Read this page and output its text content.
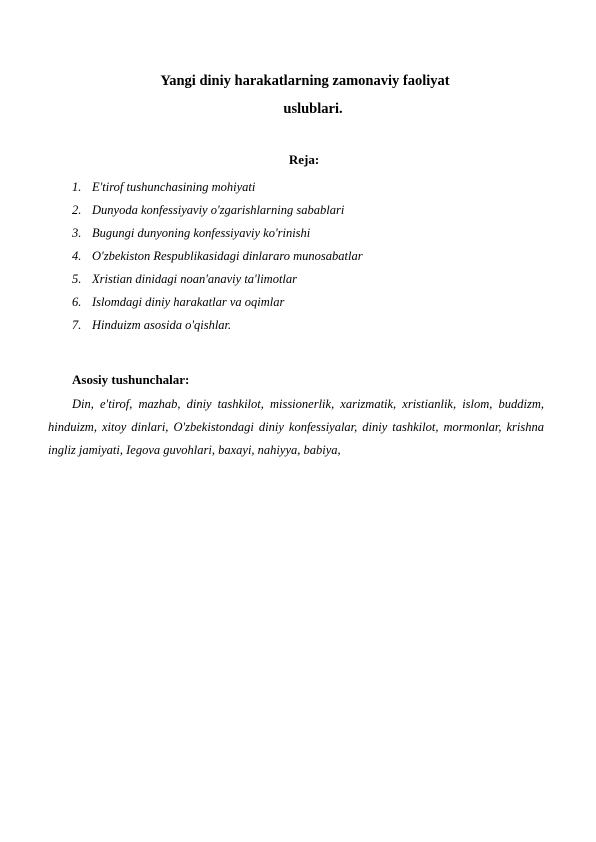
Yangi diniy harakatlarning zamonaviy faoliyat
uslublari.
Reja:
1. E'tirof tushunchasining mohiyati
2. Dunyoda konfessiyaviy o'zgarishlarning sabablari
3. Bugungi dunyoning konfessiyaviy ko'rinishi
4. O'zbekiston Respublikasidagi dinlararo munosabatlar
5. Xristian dinidagi noan'anaviy ta'limotlar
6. Islomdagi diniy harakatlar va oqimlar
7. Hinduizm asosida o'qishlar.
Asosiy tushunchalar:

Din, e'tirof, mazhab, diniy tashkilot, missionerlik, xarizmatik, xristianlik, islom, buddizm, hinduizm, xitoy dinlari, O'zbekistondagi diniy konfessiyalar, diniy tashkilot, mormonlar, krishna ingliz jamiyati, Iegova guvohlari, baxayi, nahiyya, babiya,
